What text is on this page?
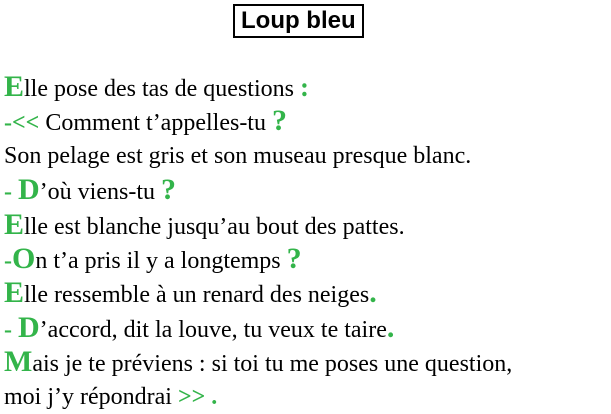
Loup bleu
Elle pose des tas de questions :
-<< Comment t’appelles-tu ?
Son pelage est gris et son museau presque blanc.
- D’où viens-tu ?
Elle est blanche jusqu’au bout des pattes.
-On t’a pris il y a longtemps ?
Elle ressemble à un renard des neiges.
- D’accord, dit la louve, tu veux te taire.
Mais je te préviens : si toi tu me poses une question,
moi j’y répondrai >> .
